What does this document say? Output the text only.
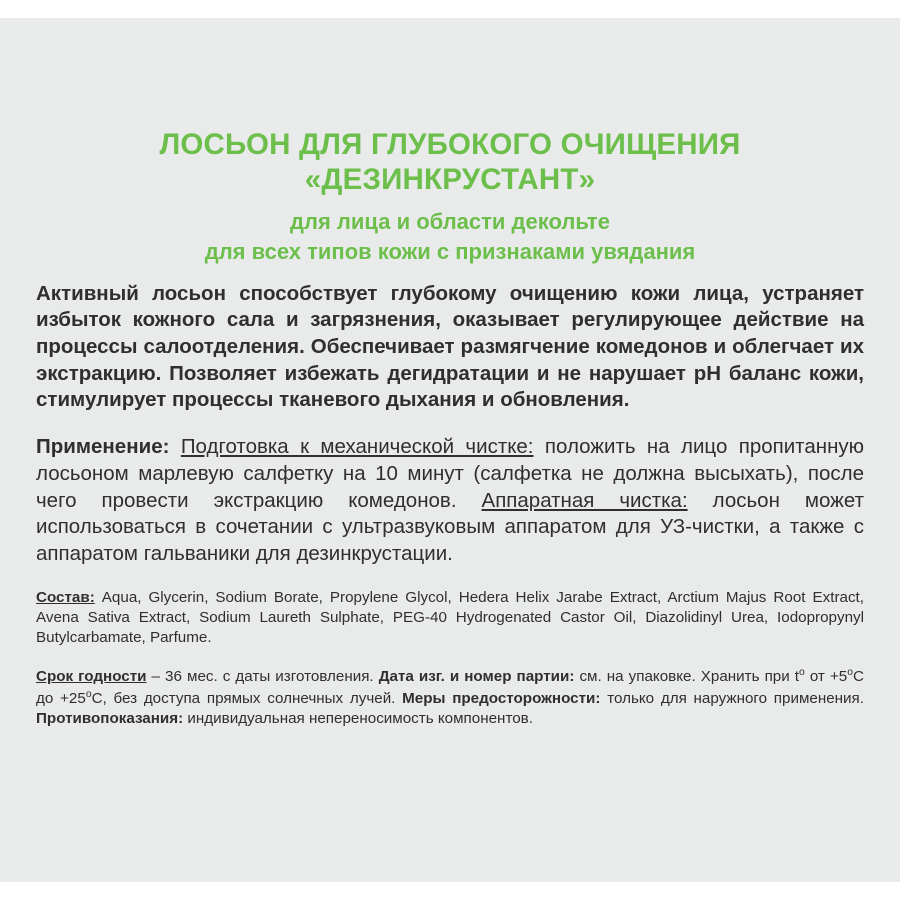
ЛОСЬОН ДЛЯ ГЛУБОКОГО ОЧИЩЕНИЯ
«ДЕЗИНКРУСТАНТ»
для лица и области декольте
для всех типов кожи с признаками увядания

Активный лосьон способствует глубокому очищению кожи лица, устраняет избыток кожного сала и загрязнения, оказывает регулирующее действие на процессы салоотделения. Обеспечивает размягчение комедонов и облегчает их экстракцию. Позволяет избежать дегидратации и не нарушает pH баланс кожи, стимулирует процессы тканевого дыхания и обновления.

Применение: Подготовка к механической чистке: положить на лицо пропитанную лосьоном марлевую салфетку на 10 минут (салфетка не должна высыхать), после чего провести экстракцию комедонов. Аппаратная чистка: лосьон может использоваться в сочетании с ультразвуковым аппаратом для УЗ-чистки, а также с аппаратом гальваники для дезинкрустации.

Состав: Aqua, Glycerin, Sodium Borate, Propylene Glycol, Hedera Helix Jarabe Extract, Arctium Majus Root Extract, Avena Sativa Extract, Sodium Laureth Sulphate, PEG-40 Hydrogenated Castor Oil, Diazolidinyl Urea, Iodopropynyl Butylcarbamate, Parfume.

Срок годности – 36 мес. с даты изготовления. Дата изг. и номер партии: см. на упаковке. Хранить при $t^о$ от $+5^оС$ до $+25^оС$, без доступа прямых солнечных лучей. Меры предосторожности: только для наружного применения. Противопоказания: индивидуальная непереносимость компонентов.
